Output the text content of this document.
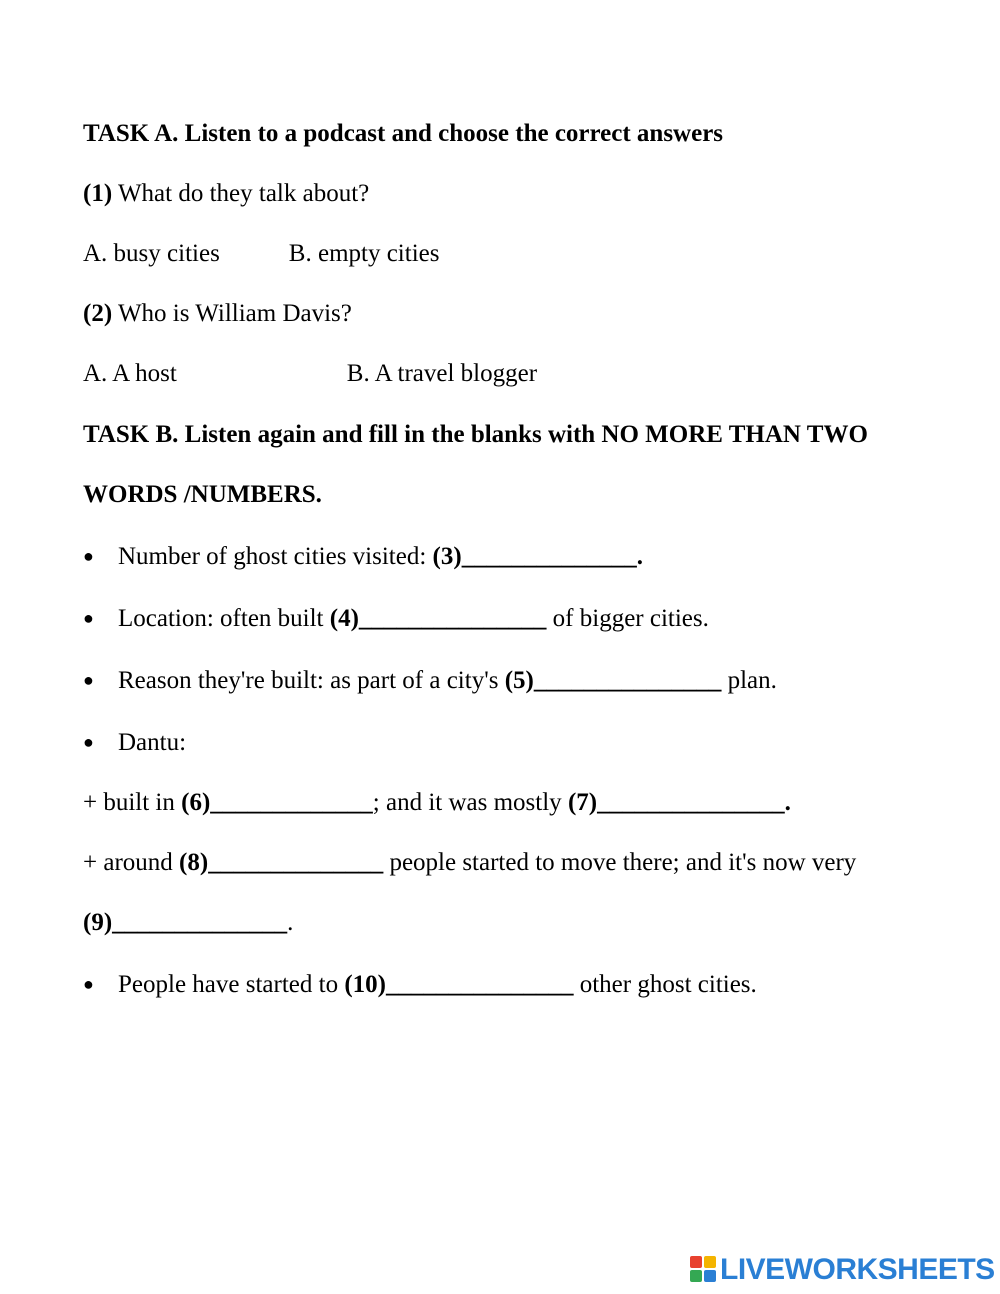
TASK A. Listen to a podcast and choose the correct answers
(1) What do they talk about?
A. busy cities	B. empty cities
(2) Who is William Davis?
A. A host	B. A travel blogger
TASK B. Listen again and fill in the blanks with NO MORE THAN TWO
WORDS /NUMBERS.
● Number of ghost cities visited: (3)______________.
● Location: often built (4)_______________ of bigger cities.
● Reason they're built: as part of a city's (5)_______________ plan.
● Dantu:
+ built in (6)_____________; and it was mostly (7)_______________.
+ around (8)______________ people started to move there; and it's now very
(9)______________.
● People have started to (10)_______________ other ghost cities.
LIVEWORKSHEETS
